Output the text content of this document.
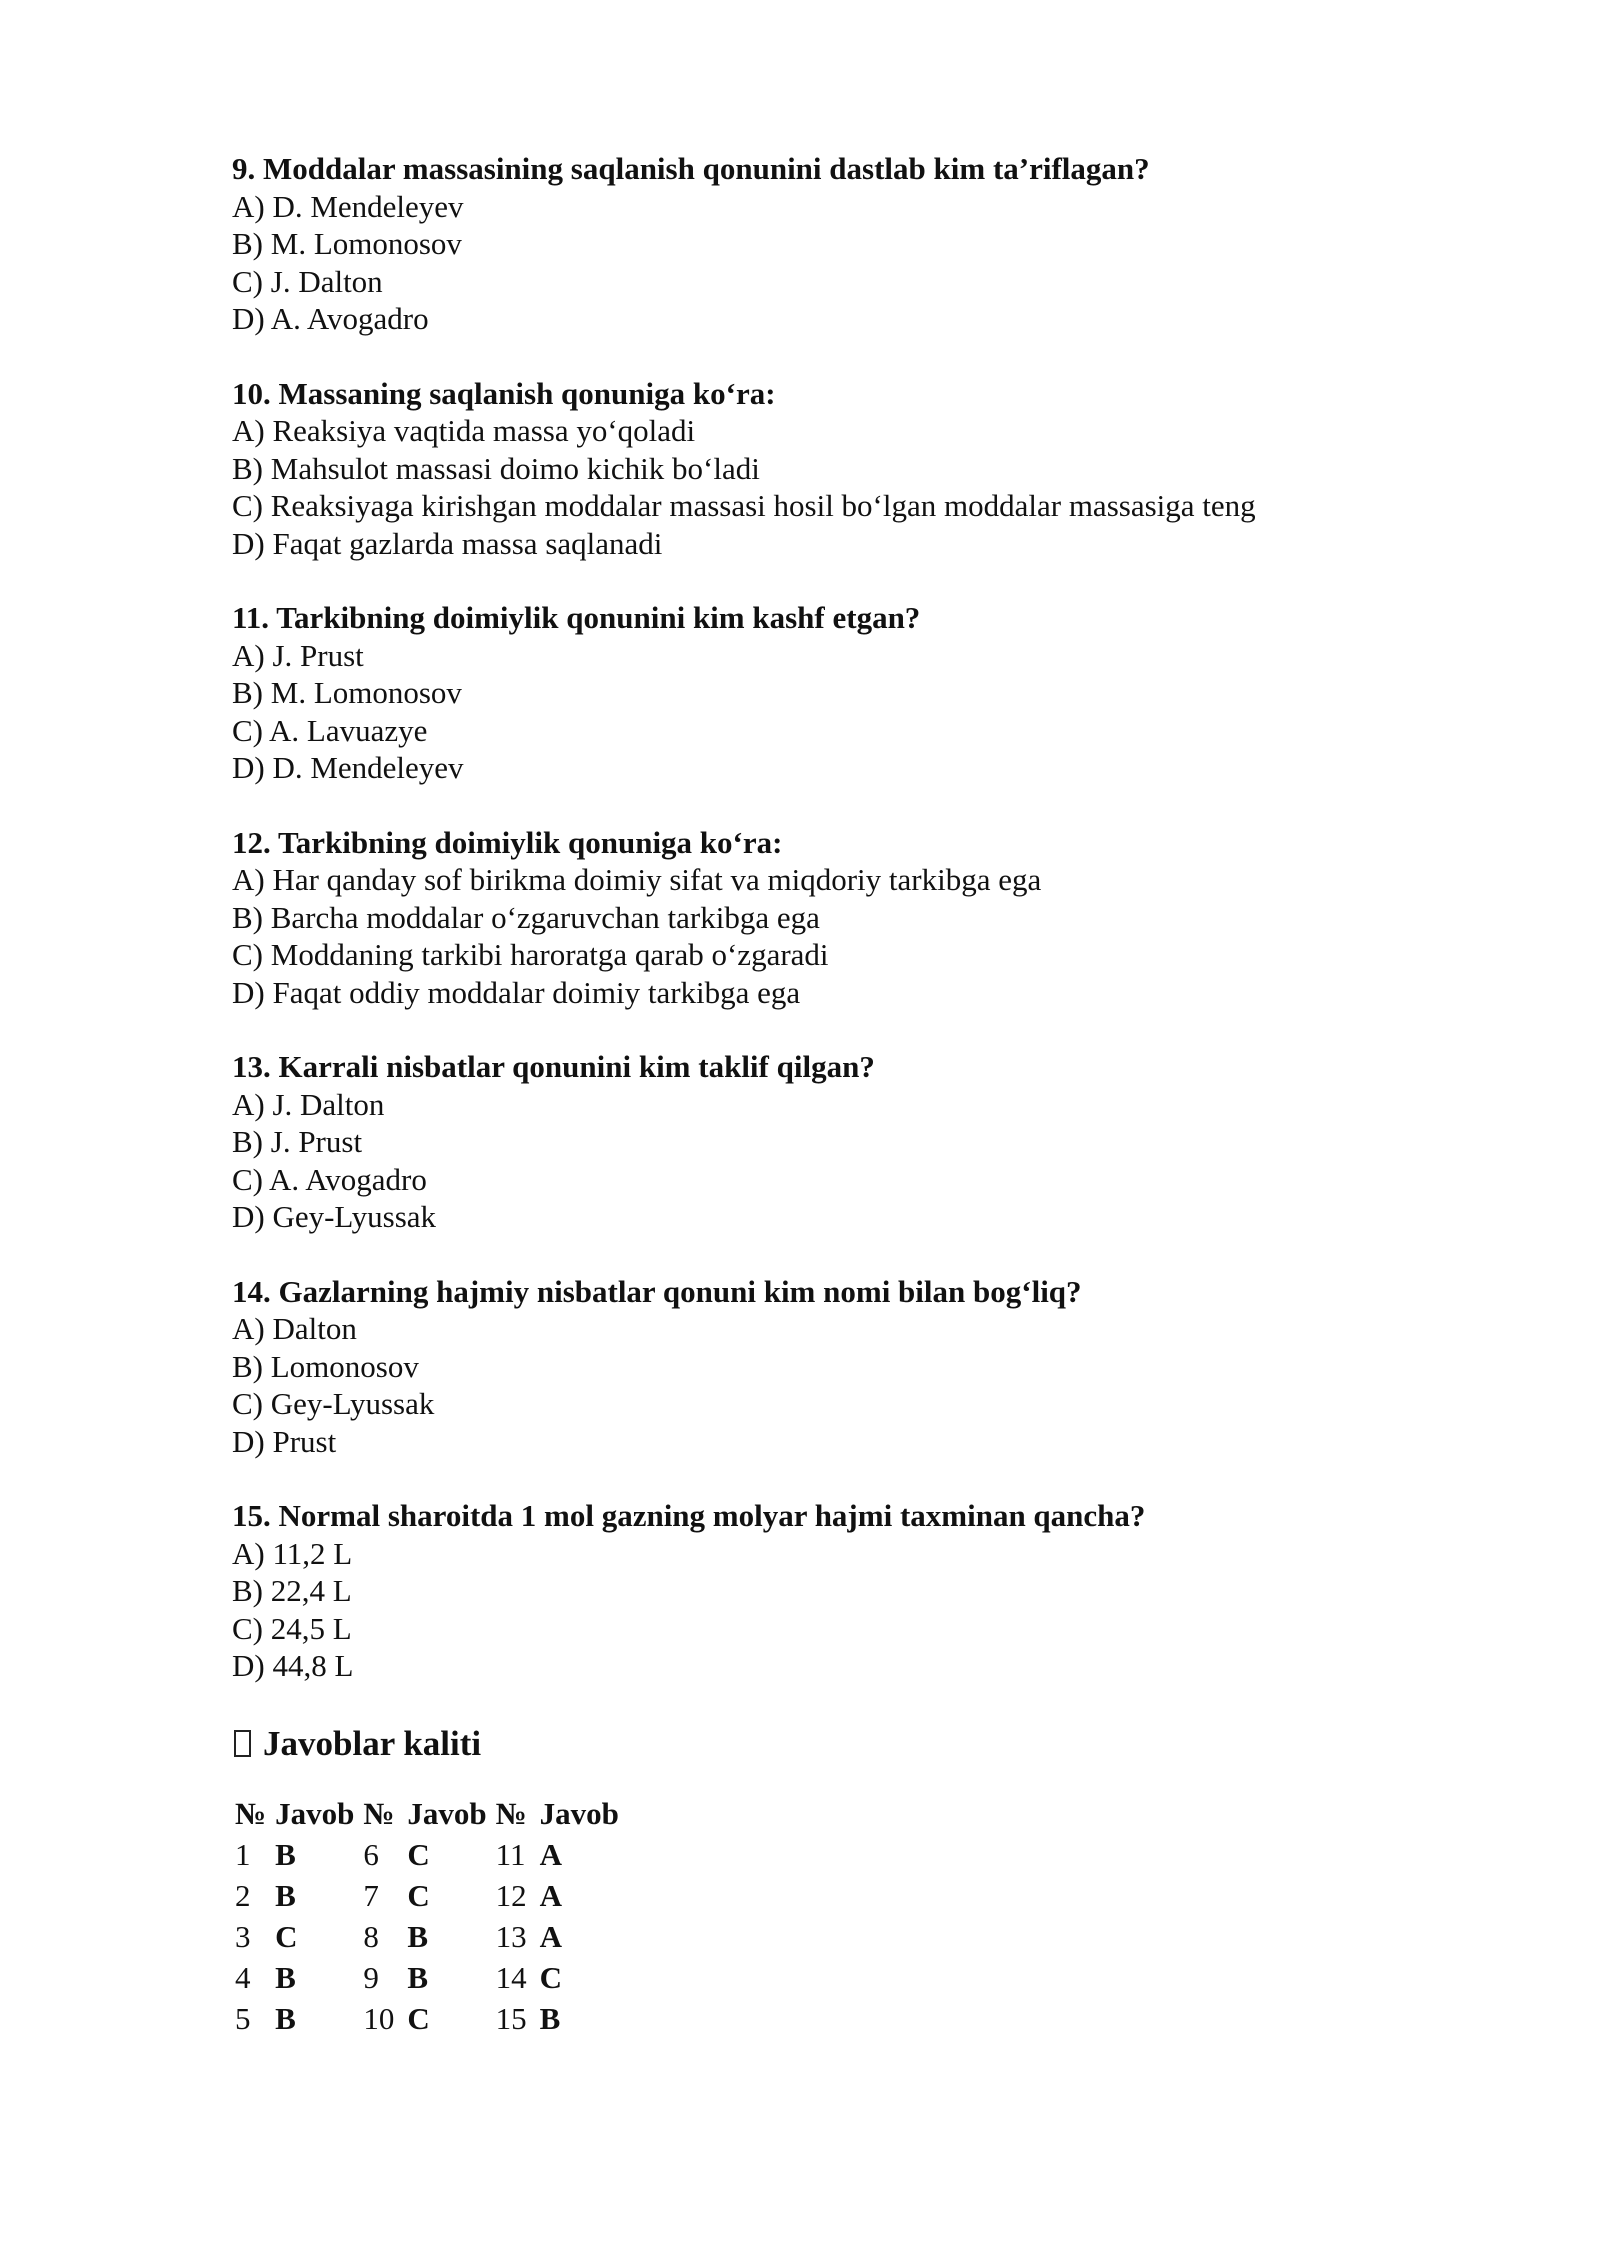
9. Moddalar massasining saqlanish qonunini dastlab kim ta’riflagan?

A) D. Mendeleyev

B) M. Lomonosov

C) J. Dalton

D) A. Avogadro

10. Massaning saqlanish qonuniga ko‘ra:

A) Reaksiya vaqtida massa yo‘qoladi

B) Mahsulot massasi doimo kichik bo‘ladi

C) Reaksiyaga kirishgan moddalar massasi hosil bo‘lgan moddalar massasiga teng

D) Faqat gazlarda massa saqlanadi

11. Tarkibning doimiylik qonunini kim kashf etgan?

A) J. Prust

B) M. Lomonosov

C) A. Lavuazye

D) D. Mendeleyev

12. Tarkibning doimiylik qonuniga ko‘ra:

A) Har qanday sof birikma doimiy sifat va miqdoriy tarkibga ega

B) Barcha moddalar o‘zgaruvchan tarkibga ega

C) Moddaning tarkibi haroratga qarab o‘zgaradi

D) Faqat oddiy moddalar doimiy tarkibga ega

13. Karrali nisbatlar qonunini kim taklif qilgan?

A) J. Dalton

B) J. Prust

C) A. Avogadro

D) Gey-Lyussak

14. Gazlarning hajmiy nisbatlar qonuni kim nomi bilan bog‘liq?

A) Dalton

B) Lomonosov

C) Gey-Lyussak

D) Prust

15. Normal sharoitda 1 mol gazning molyar hajmi taxminan qancha?

A) 11,2 L

B) 22,4 L

C) 24,5 L

D) 44,8 L

Javoblar kaliti
№	Javob	№	Javob	№	Javob
1	B	6	C	11	A
2	B	7	C	12	A
3	C	8	B	13	A
4	B	9	B	14	C
5	B	10	C	15	B
